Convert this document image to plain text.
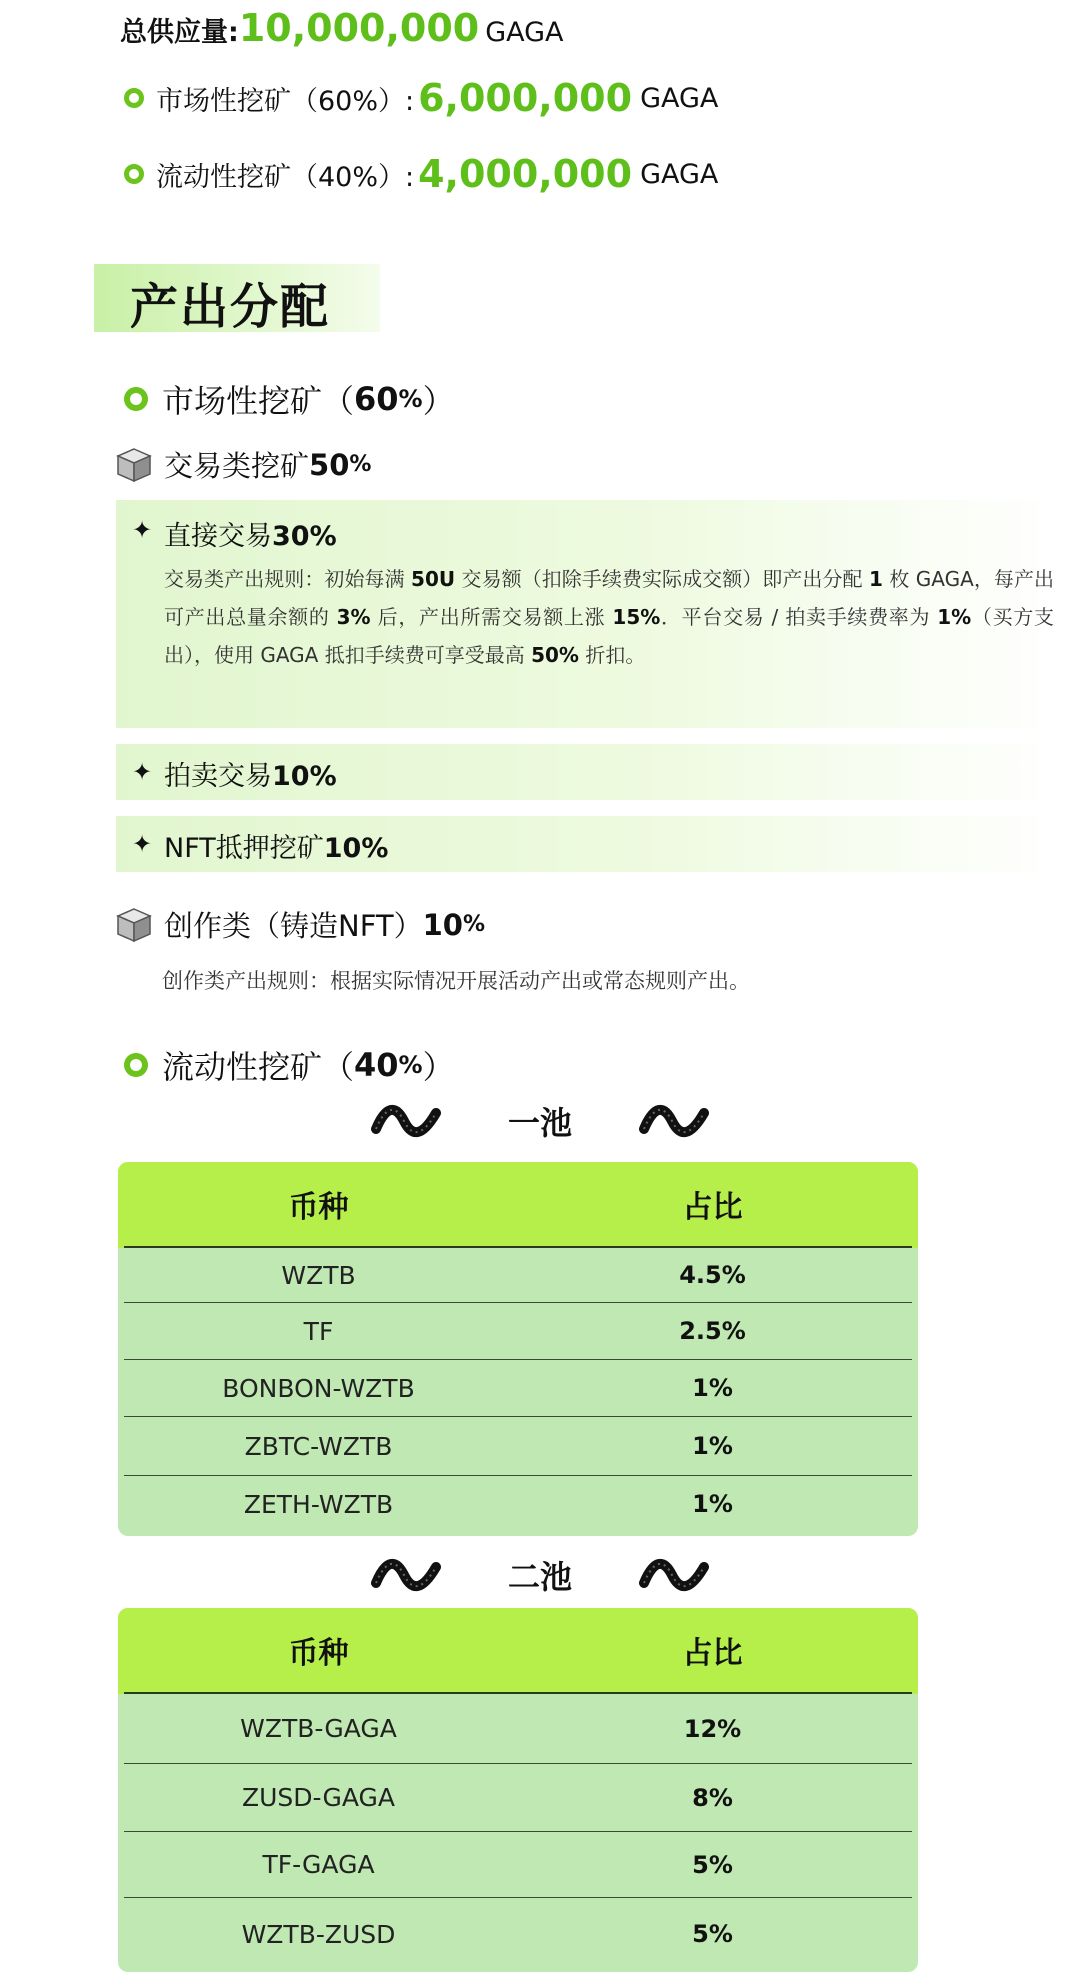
总供应量:10,000,000 GAGA
市场性挖矿（60%）: 6,000,000 GAGA
流动性挖矿（40%）: 4,000,000 GAGA
产出分配
市场性挖矿（ 60 % ）
交易类挖矿 50 %
✦ 直接交易30%
交易类产出规则：初始每满 50U 交易额（扣除手续费实际成交额）即产出分配 1 枚 GAGA，每产出可产出总量余额的 3% 后，产出所需交易额上涨 15%．平台交易 / 拍卖手续费率为 1%（买方支出），使用 GAGA 抵扣手续费可享受最高 50% 折扣。
✦ 拍卖交易10%
✦ NFT抵押挖矿10%
创作类（铸造NFT） 10 %
创作类产出规则：根据实际情况开展活动产出或常态规则产出。
流动性挖矿（ 40 % ）
一池
币种	占比
WZTB	4.5%
TF	2.5%
BONBON-WZTB	1%
ZBTC-WZTB	1%
ZETH-WZTB	1%
二池
币种	占比
WZTB-GAGA	12%
ZUSD-GAGA	8%
TF-GAGA	5%
WZTB-ZUSD	5%
